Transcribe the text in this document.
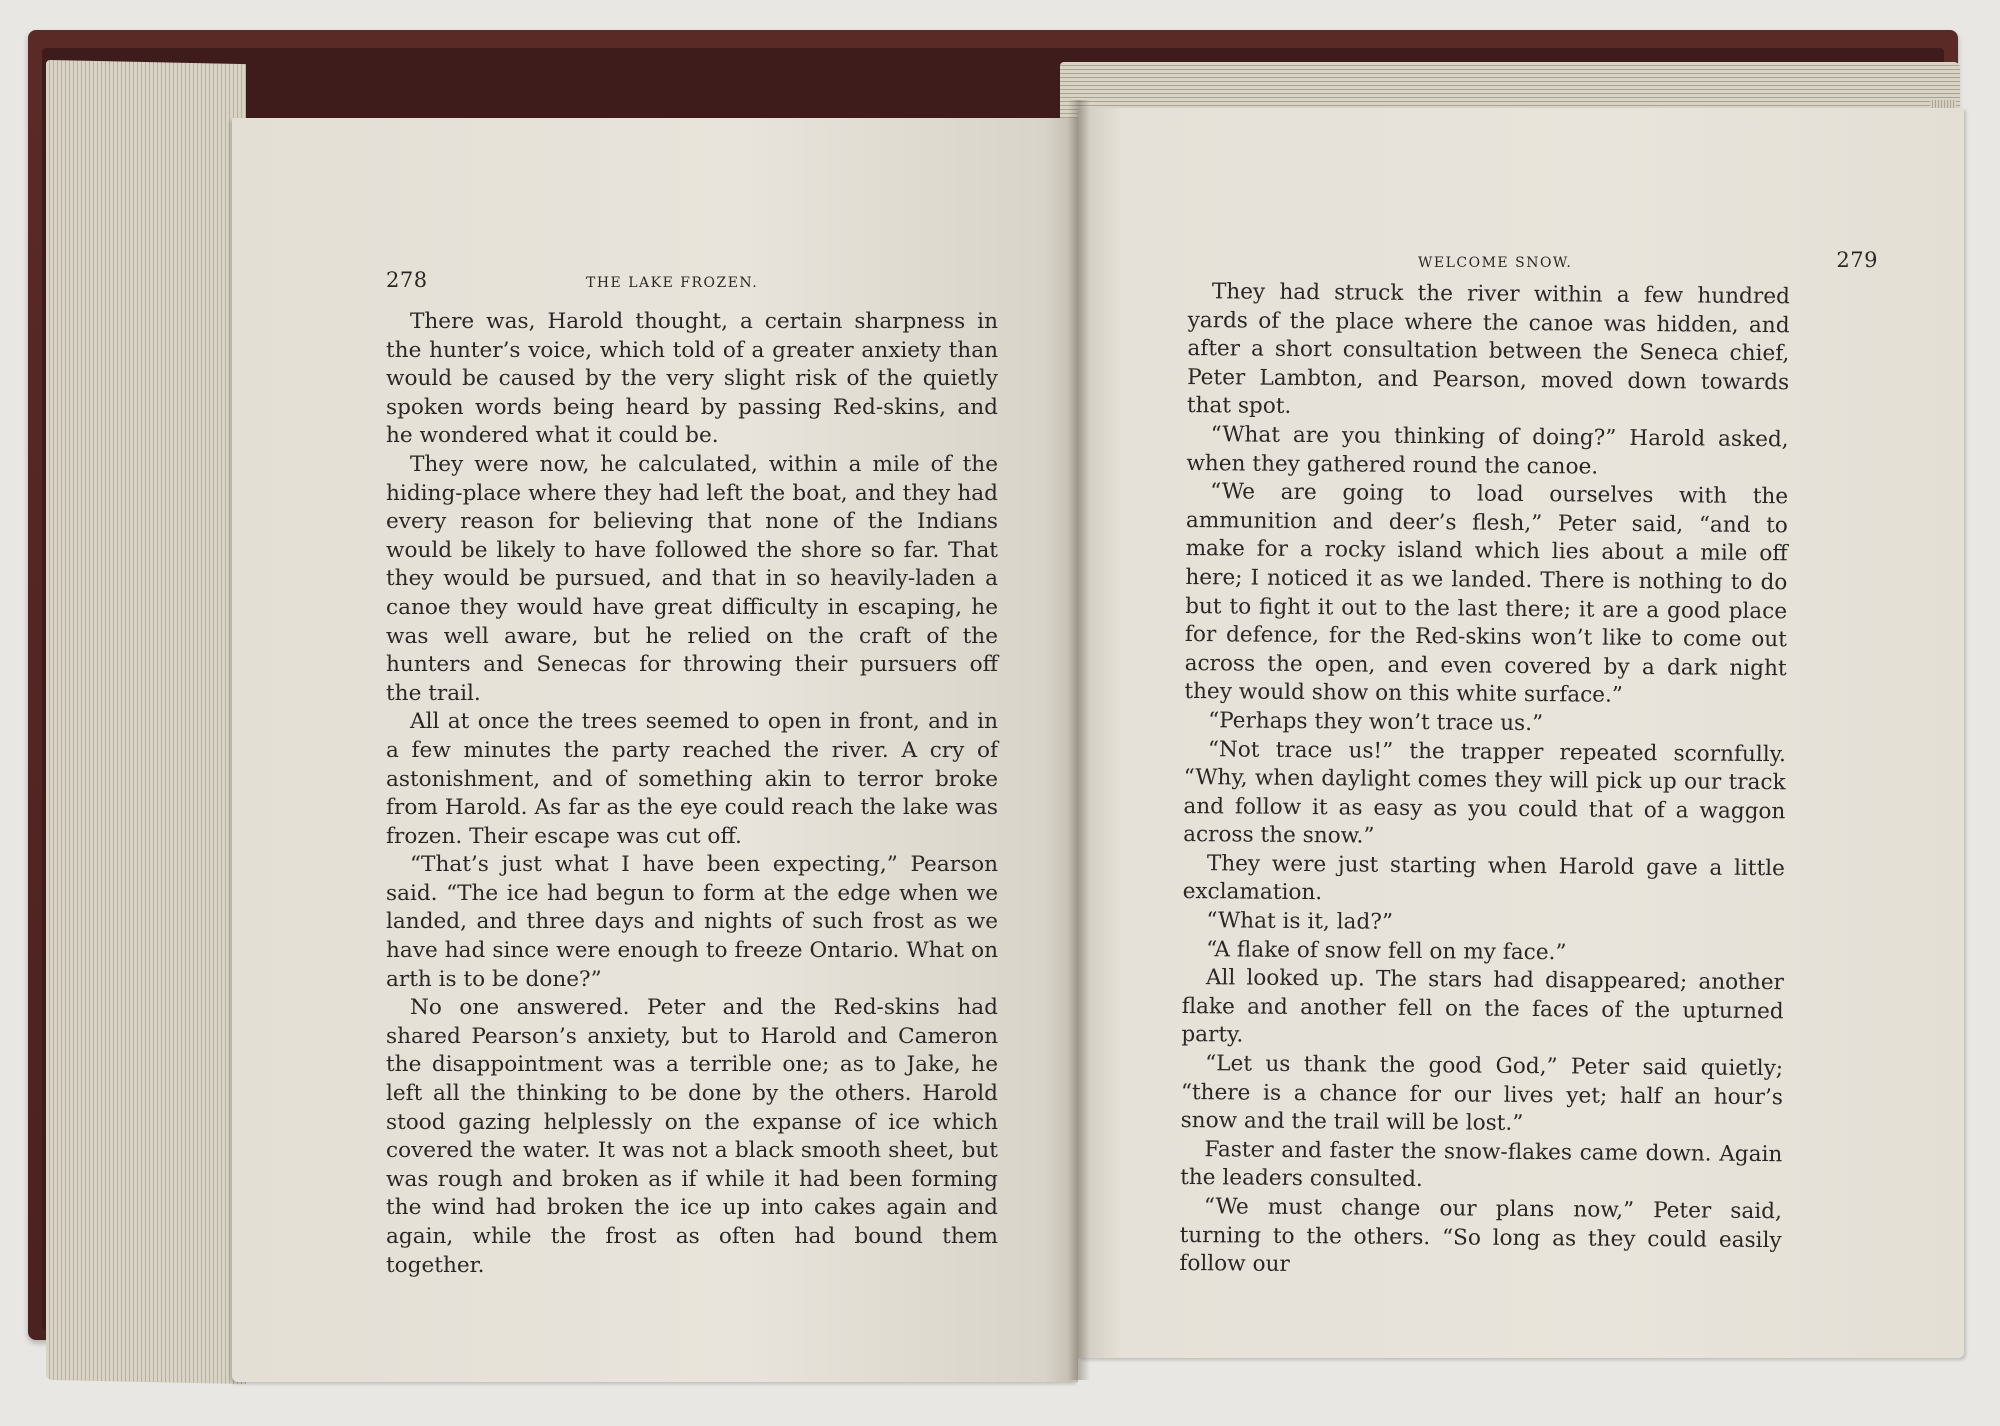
278	THE LAKE FROZEN.

There was, Harold thought, a certain sharpness in the hunter’s voice, which told of a greater anxiety than would be caused by the very slight risk of the quietly spoken words being heard by passing Red-skins, and he wondered what it could be.

They were now, he calculated, within a mile of the hiding-place where they had left the boat, and they had every reason for believing that none of the Indians would be likely to have followed the shore so far. That they would be pursued, and that in so heavily-laden a canoe they would have great difficulty in escaping, he was well aware, but he relied on the craft of the hunters and Senecas for throwing their pursuers off the trail.

All at once the trees seemed to open in front, and in a few minutes the party reached the river. A cry of astonishment, and of something akin to terror broke from Harold. As far as the eye could reach the lake was frozen. Their escape was cut off.

“That’s just what I have been expecting,” Pearson said. “The ice had begun to form at the edge when we landed, and three days and nights of such frost as we have had since were enough to freeze Ontario. What on arth is to be done?”

No one answered. Peter and the Red-skins had shared Pearson’s anxiety, but to Harold and Cameron the disappointment was a terrible one; as to Jake, he left all the thinking to be done by the others. Harold stood gazing helplessly on the expanse of ice which covered the water. It was not a black smooth sheet, but was rough and broken as if while it had been forming the wind had broken the ice up into cakes again and again, while the frost as often had bound them together.

WELCOME SNOW.	279

They had struck the river within a few hundred yards of the place where the canoe was hidden, and after a short consultation between the Seneca chief, Peter Lambton, and Pearson, moved down towards that spot.

“What are you thinking of doing?” Harold asked, when they gathered round the canoe.

“We are going to load ourselves with the ammunition and deer’s flesh,” Peter said, “and to make for a rocky island which lies about a mile off here; I noticed it as we landed. There is nothing to do but to fight it out to the last there; it are a good place for defence, for the Red-skins won’t like to come out across the open, and even covered by a dark night they would show on this white surface.”

“Perhaps they won’t trace us.”

“Not trace us!” the trapper repeated scornfully. “Why, when daylight comes they will pick up our track and follow it as easy as you could that of a waggon across the snow.”

They were just starting when Harold gave a little exclamation.

“What is it, lad?”

“A flake of snow fell on my face.”

All looked up. The stars had disappeared; another flake and another fell on the faces of the upturned party.

“Let us thank the good God,” Peter said quietly; “there is a chance for our lives yet; half an hour’s snow and the trail will be lost.”

Faster and faster the snow-flakes came down. Again the leaders consulted.

“We must change our plans now,” Peter said, turning to the others. “So long as they could easily follow our
